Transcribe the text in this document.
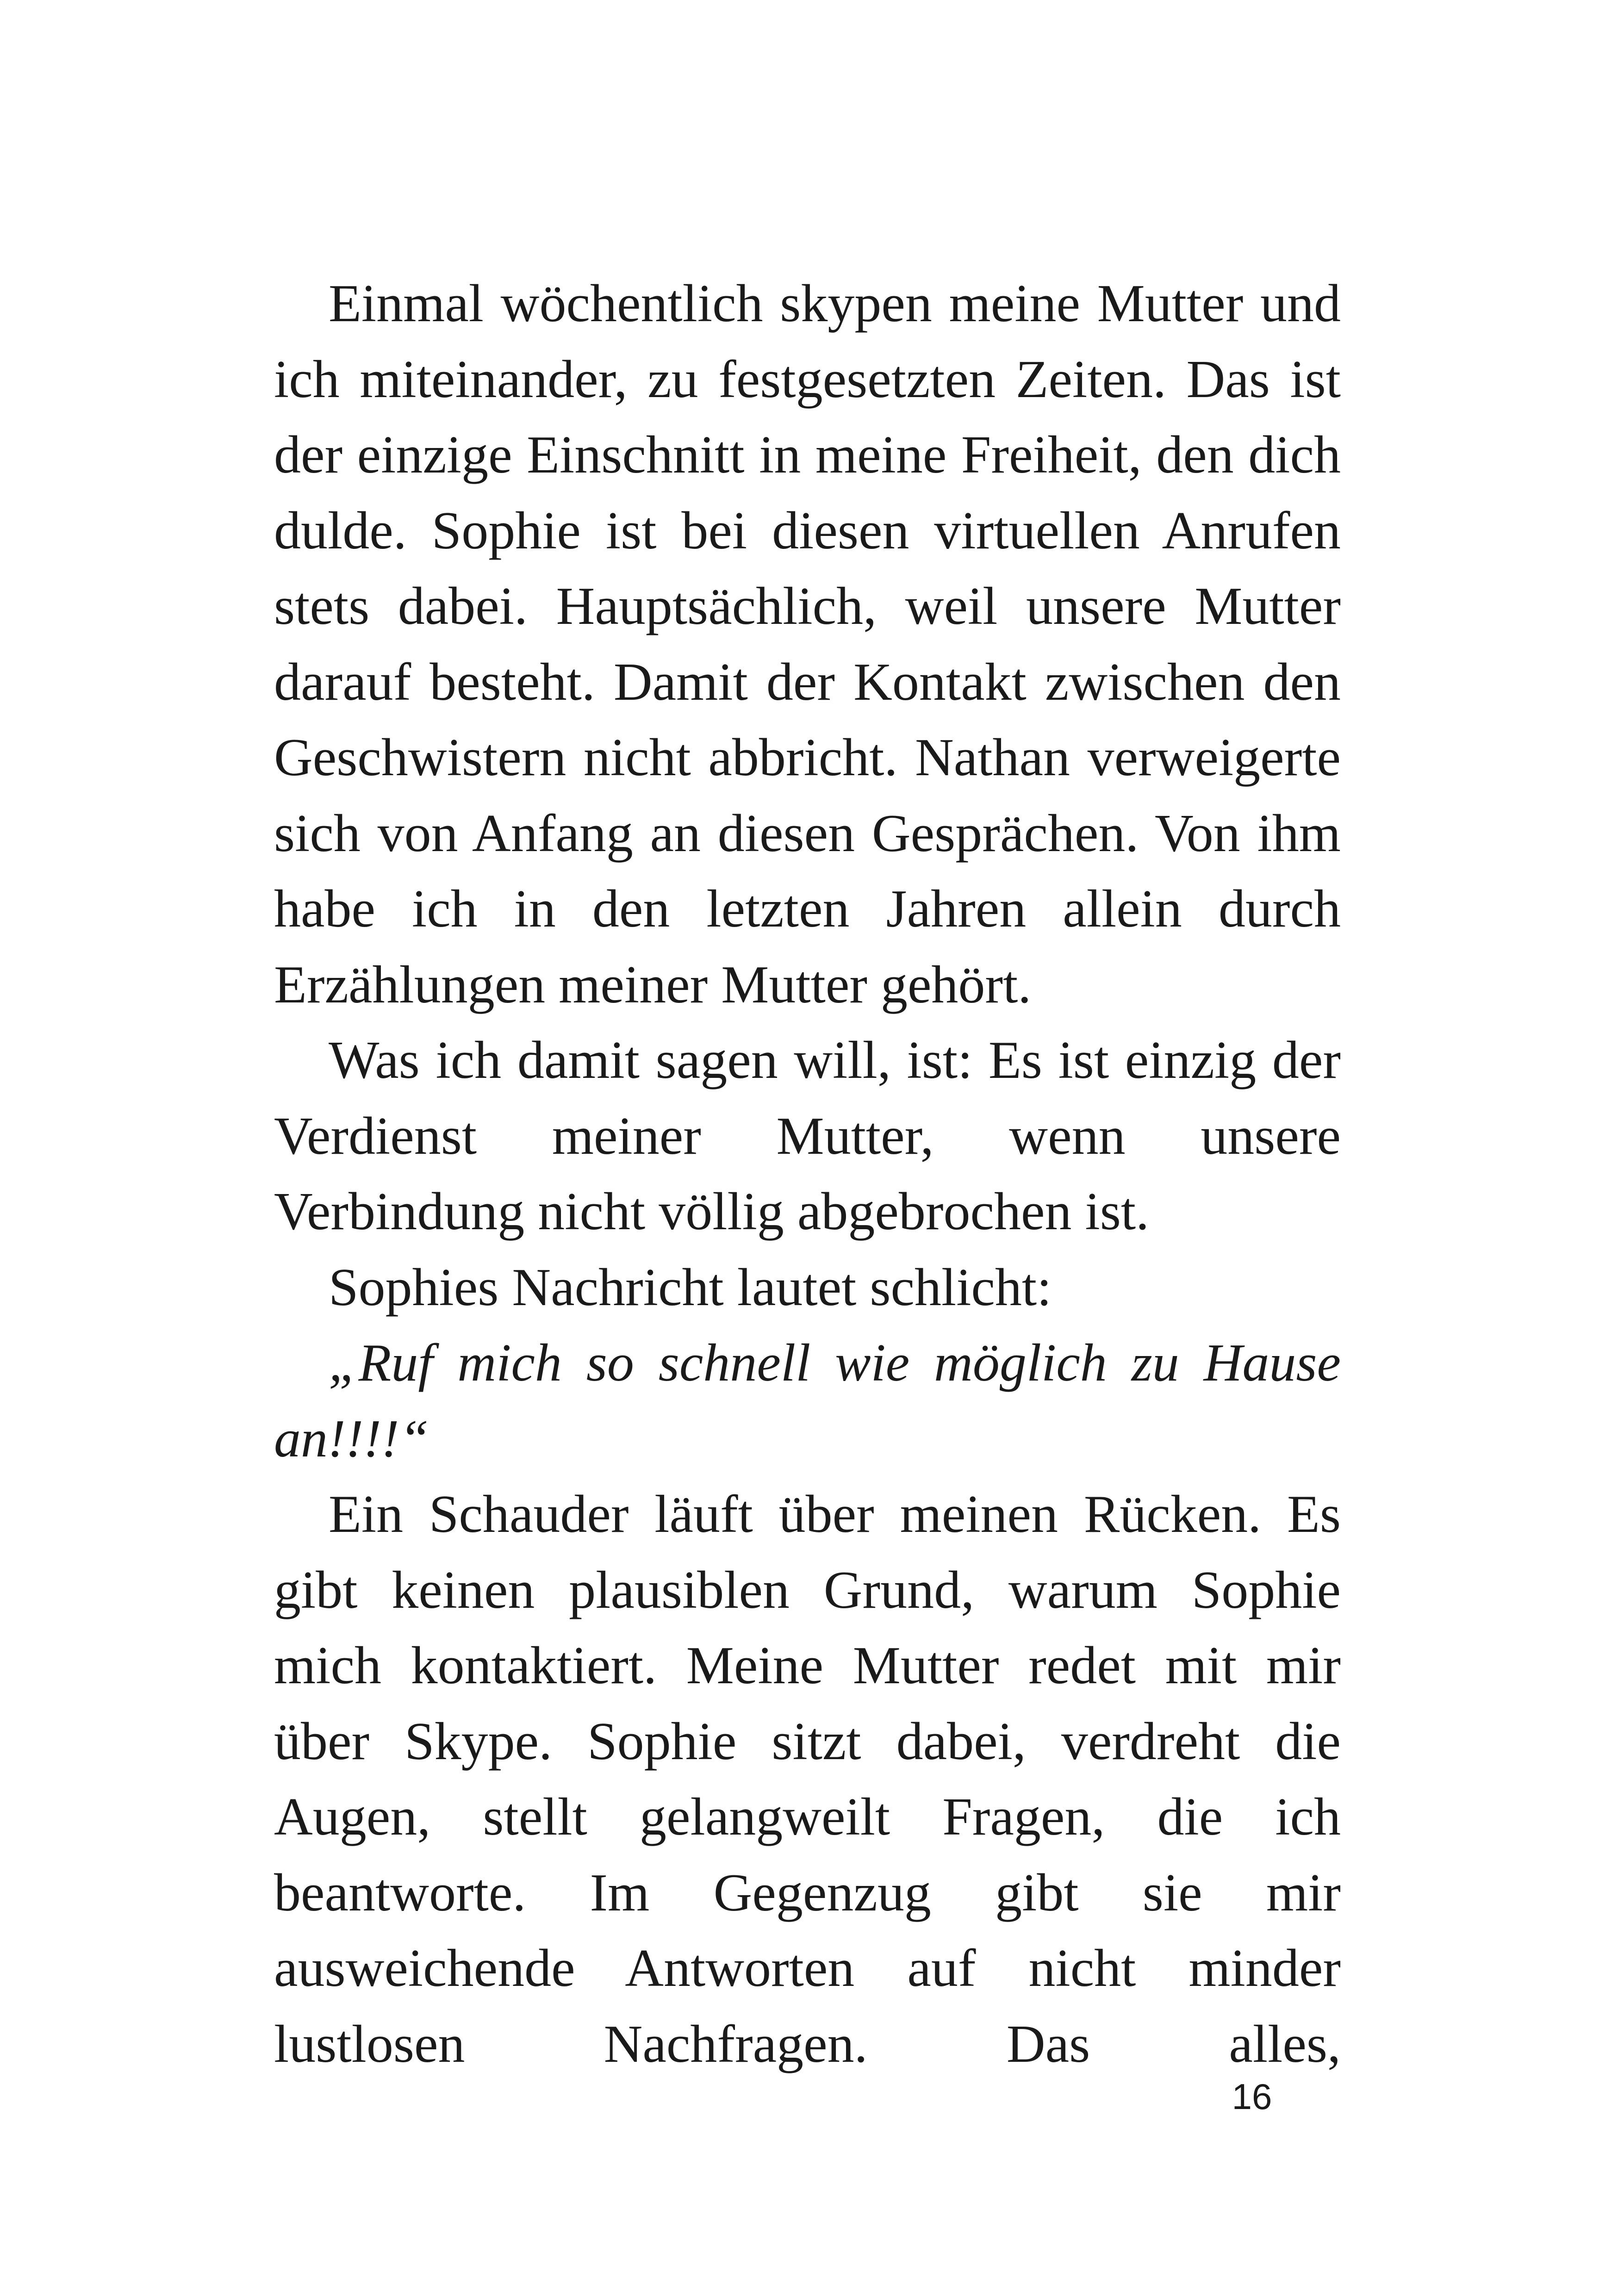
Einmal wöchentlich skypen meine Mutter und ich miteinander, zu festgesetzten Zeiten. Das ist der einzige Einschnitt in meine Freiheit, den dich dulde. Sophie ist bei diesen virtuellen Anrufen stets dabei. Hauptsächlich, weil unsere Mutter darauf besteht. Damit der Kontakt zwischen den Geschwistern nicht abbricht. Nathan verweigerte sich von Anfang an diesen Gesprächen. Von ihm habe ich in den letzten Jahren allein durch Erzählungen meiner Mutter gehört.

Was ich damit sagen will, ist: Es ist einzig der Verdienst meiner Mutter, wenn unsere Verbindung nicht völlig abgebrochen ist.

Sophies Nachricht lautet schlicht:

„Ruf mich so schnell wie möglich zu Hause an!!!!“

Ein Schauder läuft über meinen Rücken. Es gibt keinen plausiblen Grund, warum Sophie mich kontaktiert. Meine Mutter redet mit mir über Skype. Sophie sitzt dabei, verdreht die Augen, stellt gelangweilt Fragen, die ich beantworte. Im Gegenzug gibt sie mir ausweichende Antworten auf nicht minder lustlosen Nachfragen. Das alles,

16
